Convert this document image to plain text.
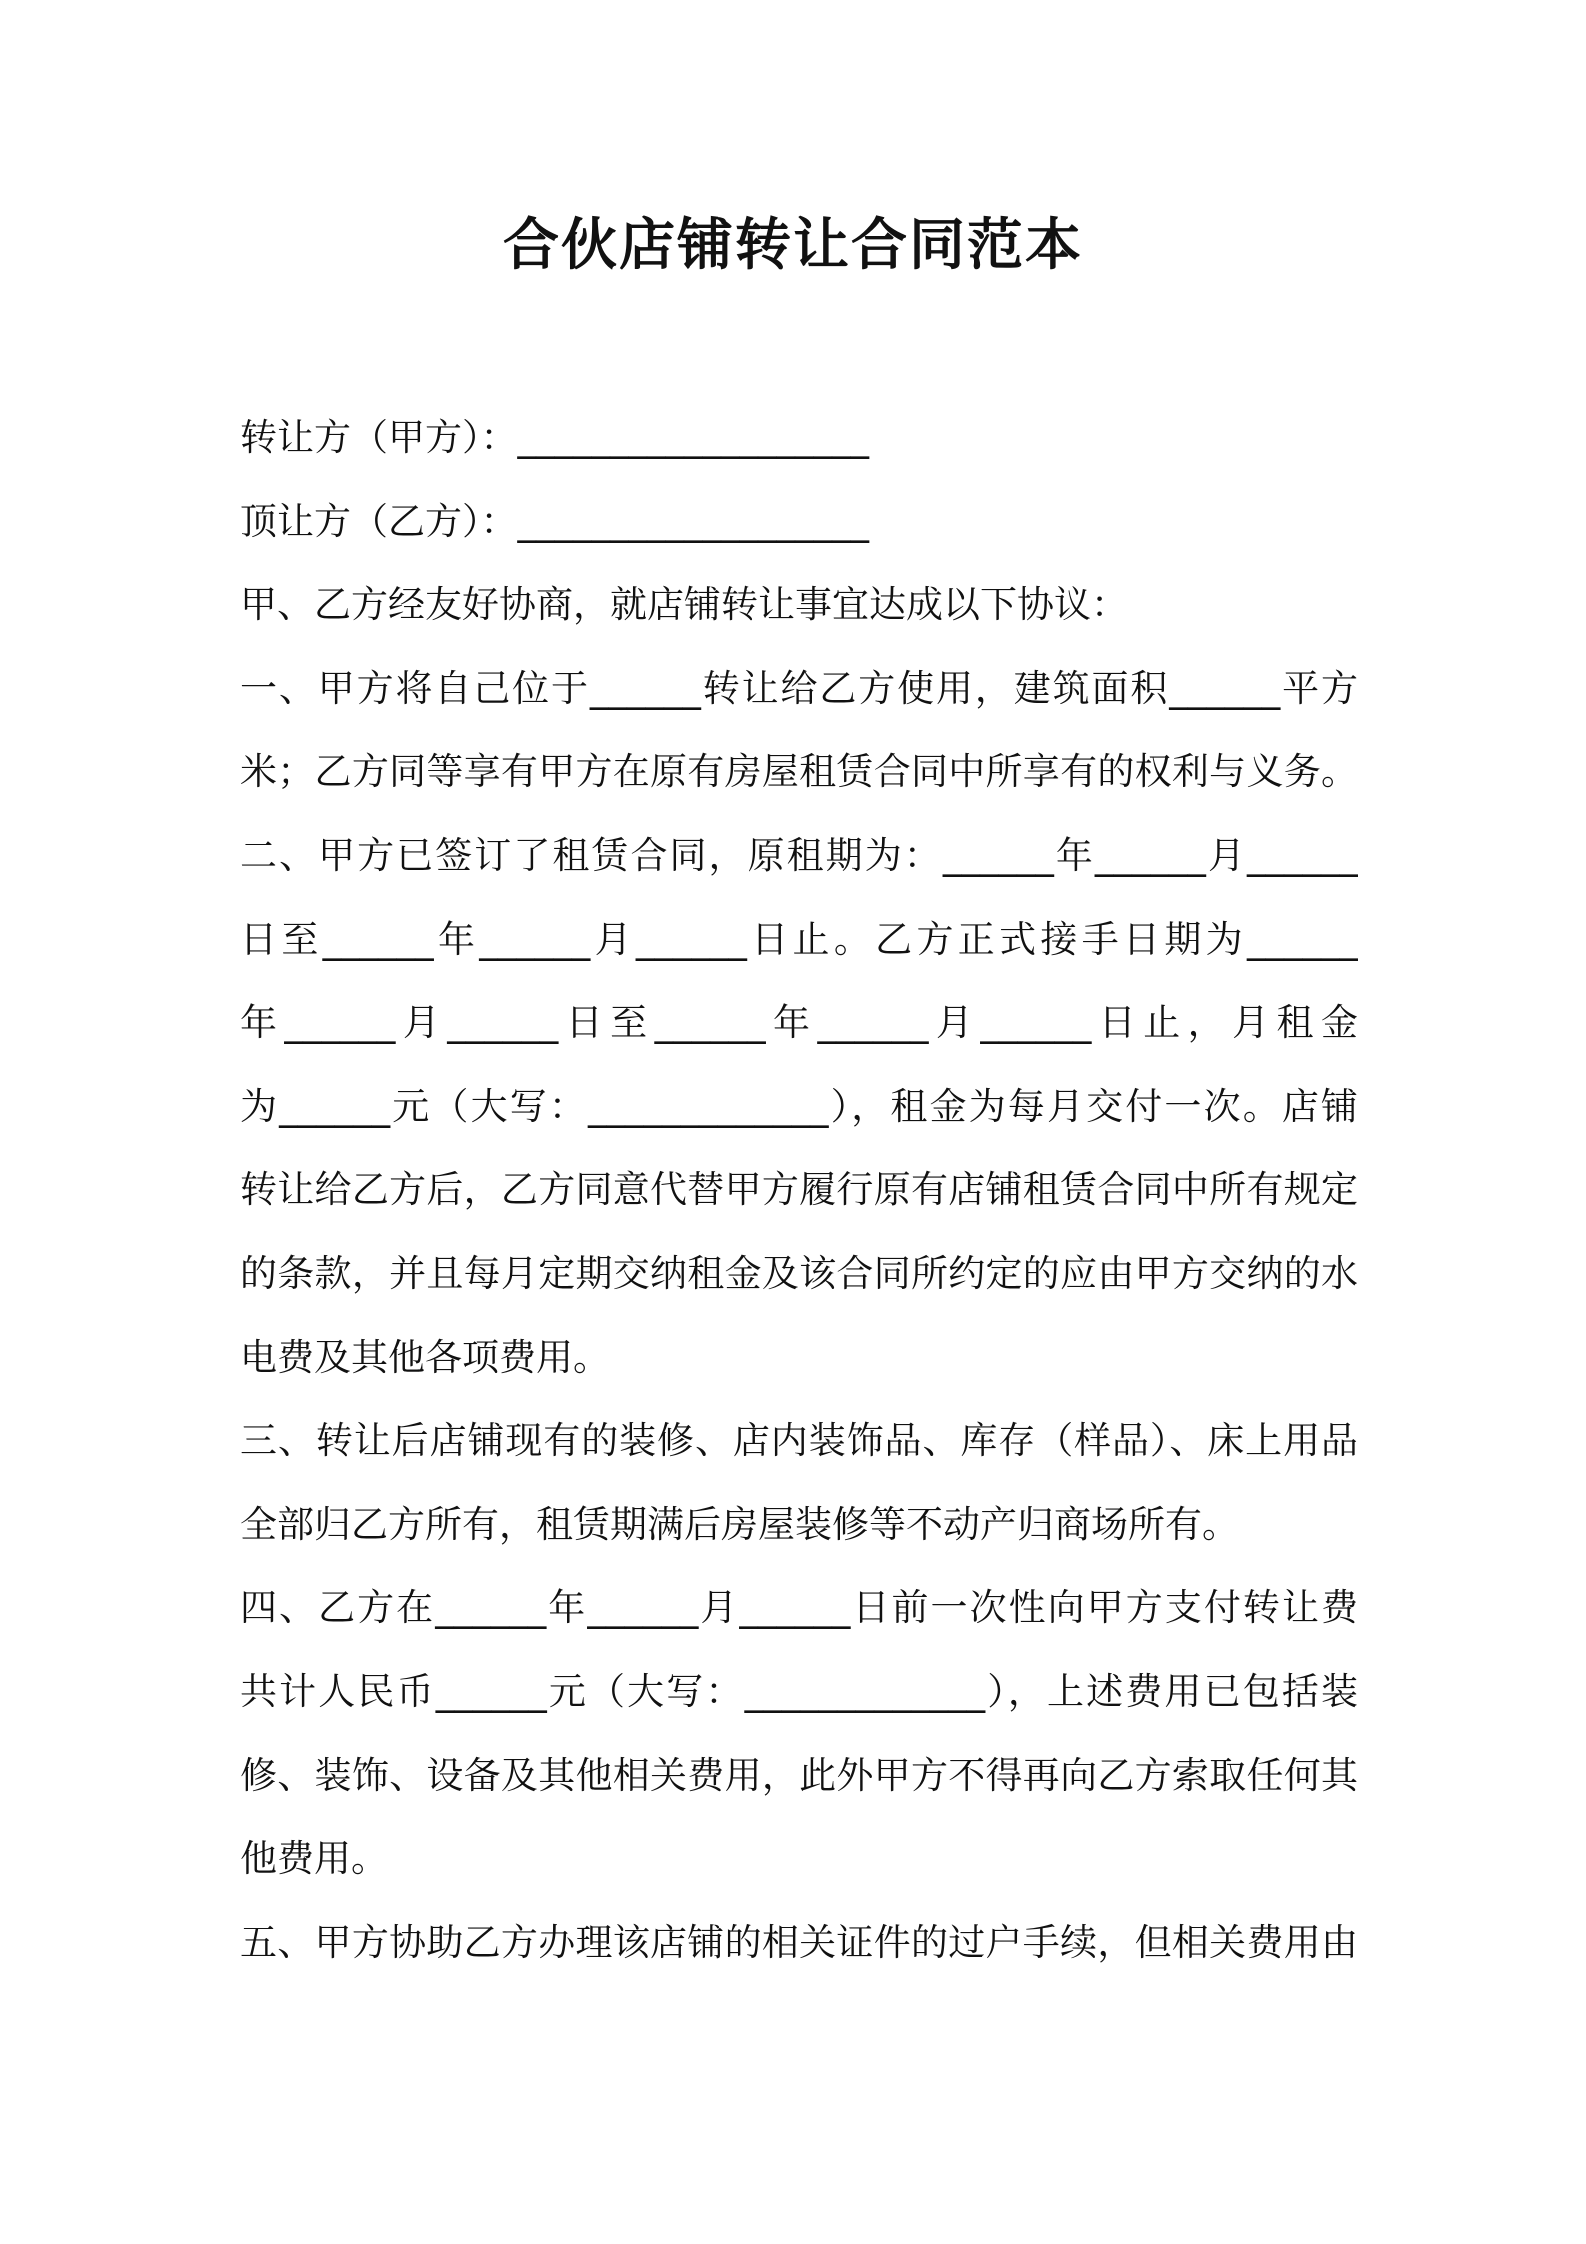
合伙店铺转让合同范本
转让方（甲方）：___________________
顶让方（乙方）：___________________
甲、乙方经友好协商，就店铺转让事宜达成以下协议：
一、甲方将自己位于______转让给乙方使用，建筑面积______平方
米；乙方同等享有甲方在原有房屋租赁合同中所享有的权利与义务。
二、甲方已签订了租赁合同，原租期为：______年______月______
日至______年______月______日止。乙方正式接手日期为______
年______月______日至______年______月______日止，月租金
为______元（大写：_____________），租金为每月交付一次。店铺
转让给乙方后，乙方同意代替甲方履行原有店铺租赁合同中所有规定
的条款，并且每月定期交纳租金及该合同所约定的应由甲方交纳的水
电费及其他各项费用。
三、转让后店铺现有的装修、店内装饰品、库存（样品）、床上用品
全部归乙方所有，租赁期满后房屋装修等不动产归商场所有。
四、乙方在______年______月______日前一次性向甲方支付转让费
共计人民币______元（大写：_____________），上述费用已包括装
修、装饰、设备及其他相关费用，此外甲方不得再向乙方索取任何其
他费用。
五、甲方协助乙方办理该店铺的相关证件的过户手续，但相关费用由
